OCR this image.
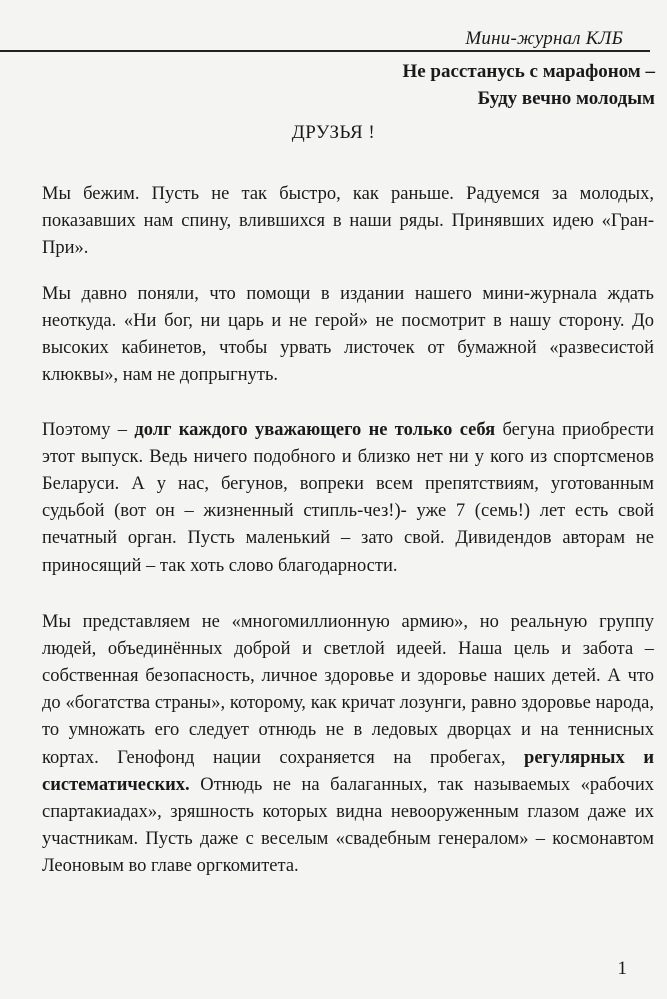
Мини-журнал КЛБ
Не расстанусь с марафоном –
Буду вечно молодым
ДРУЗЬЯ !

Мы бежим. Пусть не так быстро, как раньше. Радуемся за молодых, показавших нам спину, влившихся в наши ряды. Принявших идею «Гран-При».

Мы давно поняли, что помощи в издании нашего мини-журнала ждать неоткуда. «Ни бог, ни царь и не герой» не посмотрит в нашу сторону. До высоких кабинетов, чтобы урвать листочек от бумажной «развесистой клюквы», нам не допрыгнуть.

Поэтому – долг каждого уважающего не только себя бегуна приобрести этот выпуск. Ведь ничего подобного и близко нет ни у кого из спортсменов Беларуси. А у нас, бегунов, вопреки всем препятствиям, уготованным судьбой (вот он – жизненный стипль-чез!)- уже 7 (семь!) лет есть свой печатный орган. Пусть маленький – зато свой. Дивидендов авторам не приносящий – так хоть слово благодарности.

Мы представляем не «многомиллионную армию», но реальную группу людей, объединённых доброй и светлой идеей. Наша цель и забота – собственная безопасность, личное здоровье и здоровье наших детей. А что до «богатства страны», которому, как кричат лозунги, равно здоровье народа, то умножать его следует отнюдь не в ледовых дворцах и на теннисных кортах. Генофонд нации сохраняется на пробегах, регулярных и систематических. Отнюдь не на балаганных, так называемых «рабочих спартакиадах», зряшность которых видна невооруженным глазом даже их участникам. Пусть даже с веселым «свадебным генералом» – космонавтом Леоновым во главе оргкомитета.

1
